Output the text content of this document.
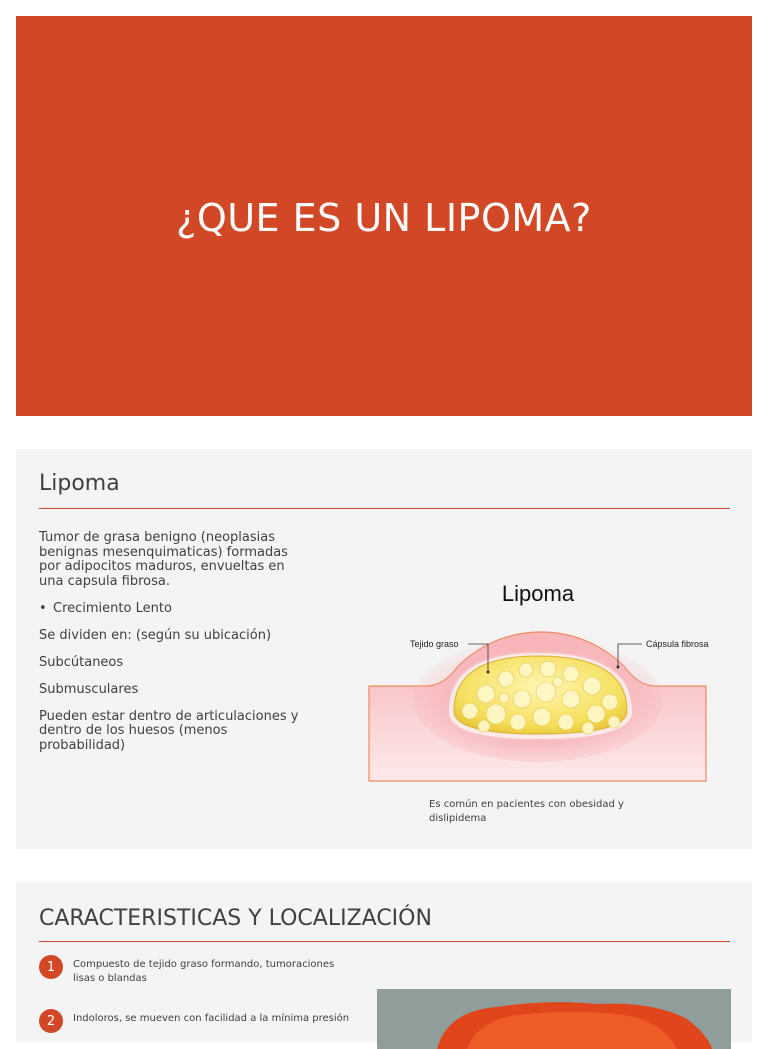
¿QUE ES UN LIPOMA?
Lipoma

Tumor de grasa benigno (neoplasias benignas mesenquimaticas) formadas por adipocitos maduros, envueltas en una capsula fibrosa.

• Crecimiento Lento

Se dividen en: (según su ubicación)

Subcútaneos

Submusculares

Pueden estar dentro de articulaciones y dentro de los huesos (menos probabilidad)

Lipoma
Tejido graso	Cápsula fibrosa
Es común en pacientes con obesidad y dislipidema
CARACTERISTICAS Y LOCALIZACIÓN
1	Compuesto de tejido graso formando, tumoraciones lisas o blandas
2	Indoloros, se mueven con facilidad a la mínima presión
